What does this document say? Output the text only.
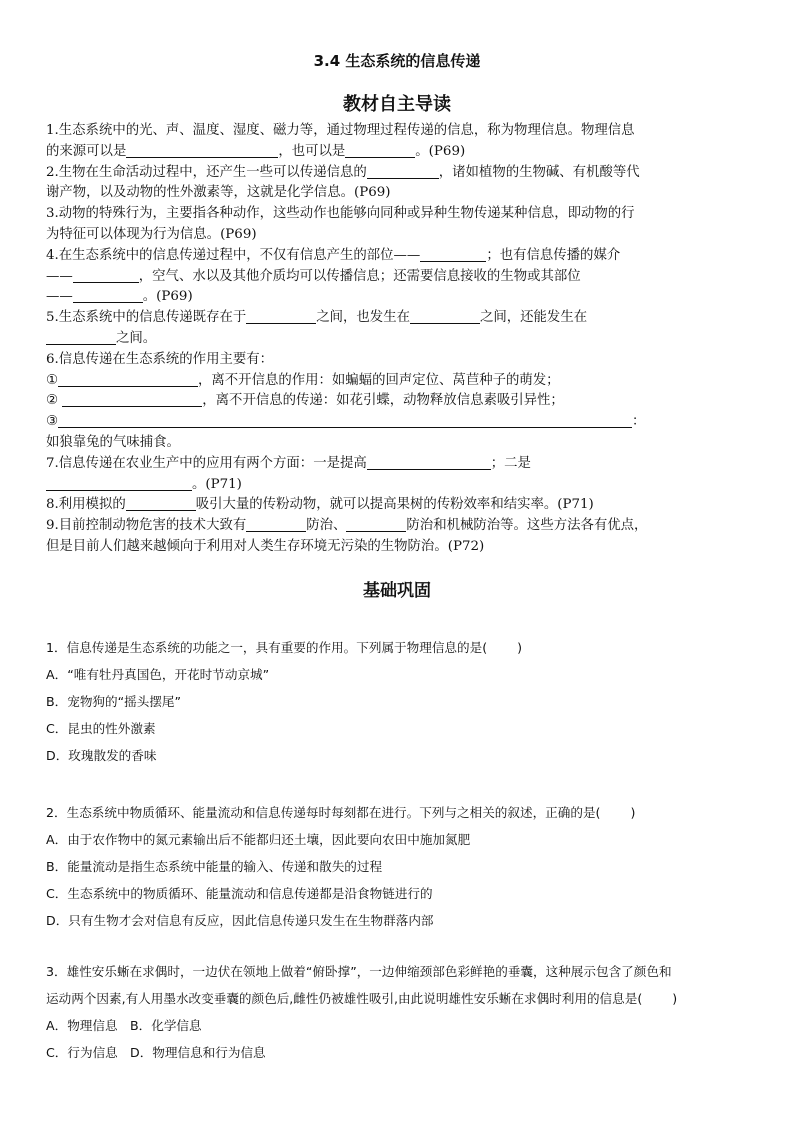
3.4 生态系统的信息传递
教材自主导读
1.生态系统中的光、声、温度、湿度、磁力等，通过物理过程传递的信息，称为物理信息。物理信息
的来源可以是	，也可以是	。(P69)
2.生物在生命活动过程中，还产生一些可以传递信息的	，诸如植物的生物碱、有机酸等代
谢产物，以及动物的性外激素等，这就是化学信息。(P69)
3.动物的特殊行为，主要指各种动作，这些动作也能够向同种或异种生物传递某种信息，即动物的行
为特征可以体现为行为信息。(P69)
4.在生态系统中的信息传递过程中，不仅有信息产生的部位——	；也有信息传播的媒介
——	，空气、水以及其他介质均可以传播信息；还需要信息接收的生物或其部位
——	。(P69)
5.生态系统中的信息传递既存在于	之间，也发生在	之间，还能发生在
之间。
6.信息传递在生态系统的作用主要有：
①	，离不开信息的作用：如蝙蝠的回声定位、莴苣种子的萌发；
②	，离不开信息的传递：如花引蝶，动物释放信息素吸引异性；
③	：
如狼靠兔的气味捕食。
7.信息传递在农业生产中的应用有两个方面：一是提高	；二是
。(P71)
8.利用模拟的	吸引大量的传粉动物，就可以提高果树的传粉效率和结实率。(P71)
9.目前控制动物危害的技术大致有	防治、	防治和机械防治等。这些方法各有优点，
但是目前人们越来越倾向于利用对人类生存环境无污染的生物防治。(P72)
基础巩固
1．信息传递是生态系统的功能之一，具有重要的作用。下列属于物理信息的是( )
A．“唯有牡丹真国色，开花时节动京城”
B．宠物狗的“摇头摆尾”
C．昆虫的性外激素
D．玫瑰散发的香味
2．生态系统中物质循环、能量流动和信息传递每时每刻都在进行。下列与之相关的叙述，正确的是( )
A．由于农作物中的氮元素输出后不能都归还土壤，因此要向农田中施加氮肥
B．能量流动是指生态系统中能量的输入、传递和散失的过程
C．生态系统中的物质循环、能量流动和信息传递都是沿食物链进行的
D．只有生物才会对信息有反应，因此信息传递只发生在生物群落内部
3．雄性安乐蜥在求偶时，一边伏在领地上做着“俯卧撑”，一边伸缩颈部色彩鲜艳的垂囊，这种展示包含了颜色和
运动两个因素,有人用墨水改变垂囊的颜色后,雌性仍被雄性吸引,由此说明雄性安乐蜥在求偶时利用的信息是( )
A．物理信息 B．化学信息
C．行为信息 D．物理信息和行为信息
